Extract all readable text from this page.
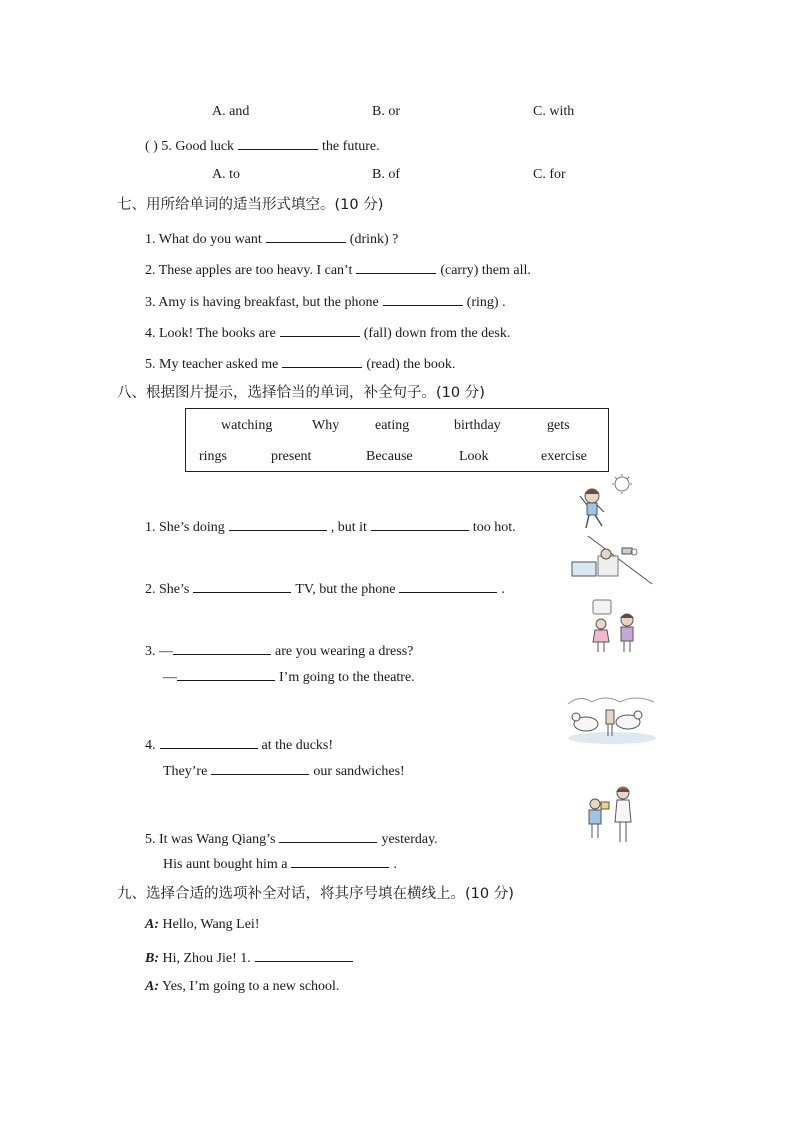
A. and	B. or	C. with
( ) 5. Good luck	the future.
A. to	B. of	C. for
七、用所给单词的适当形式填空。(10 分)
1. What do you want	(drink) ?
2. These apples are too heavy. I can’t	(carry) them all.
3. Amy is having breakfast, but the phone	(ring) .
4. Look! The books are	(fall) down from the desk.
5. My teacher asked me	(read) the book.
八、根据图片提示，选择恰当的单词，补全句子。(10 分)
watching	Why	eating	birthday	gets
rings	present	Because	Look	exercise
1. She’s doing	, but it	too hot.
2. She’s	TV, but the phone	.
3. —	are you wearing a dress?
—	I’m going to the theatre.
4.	at the ducks!
They’re	our sandwiches!
5. It was Wang Qiang’s	yesterday.
His aunt bought him a	.
九、选择合适的选项补全对话，将其序号填在横线上。(10 分)
A: Hello, Wang Lei!
B: Hi, Zhou Jie! 1.
A: Yes, I’m going to a new school.
